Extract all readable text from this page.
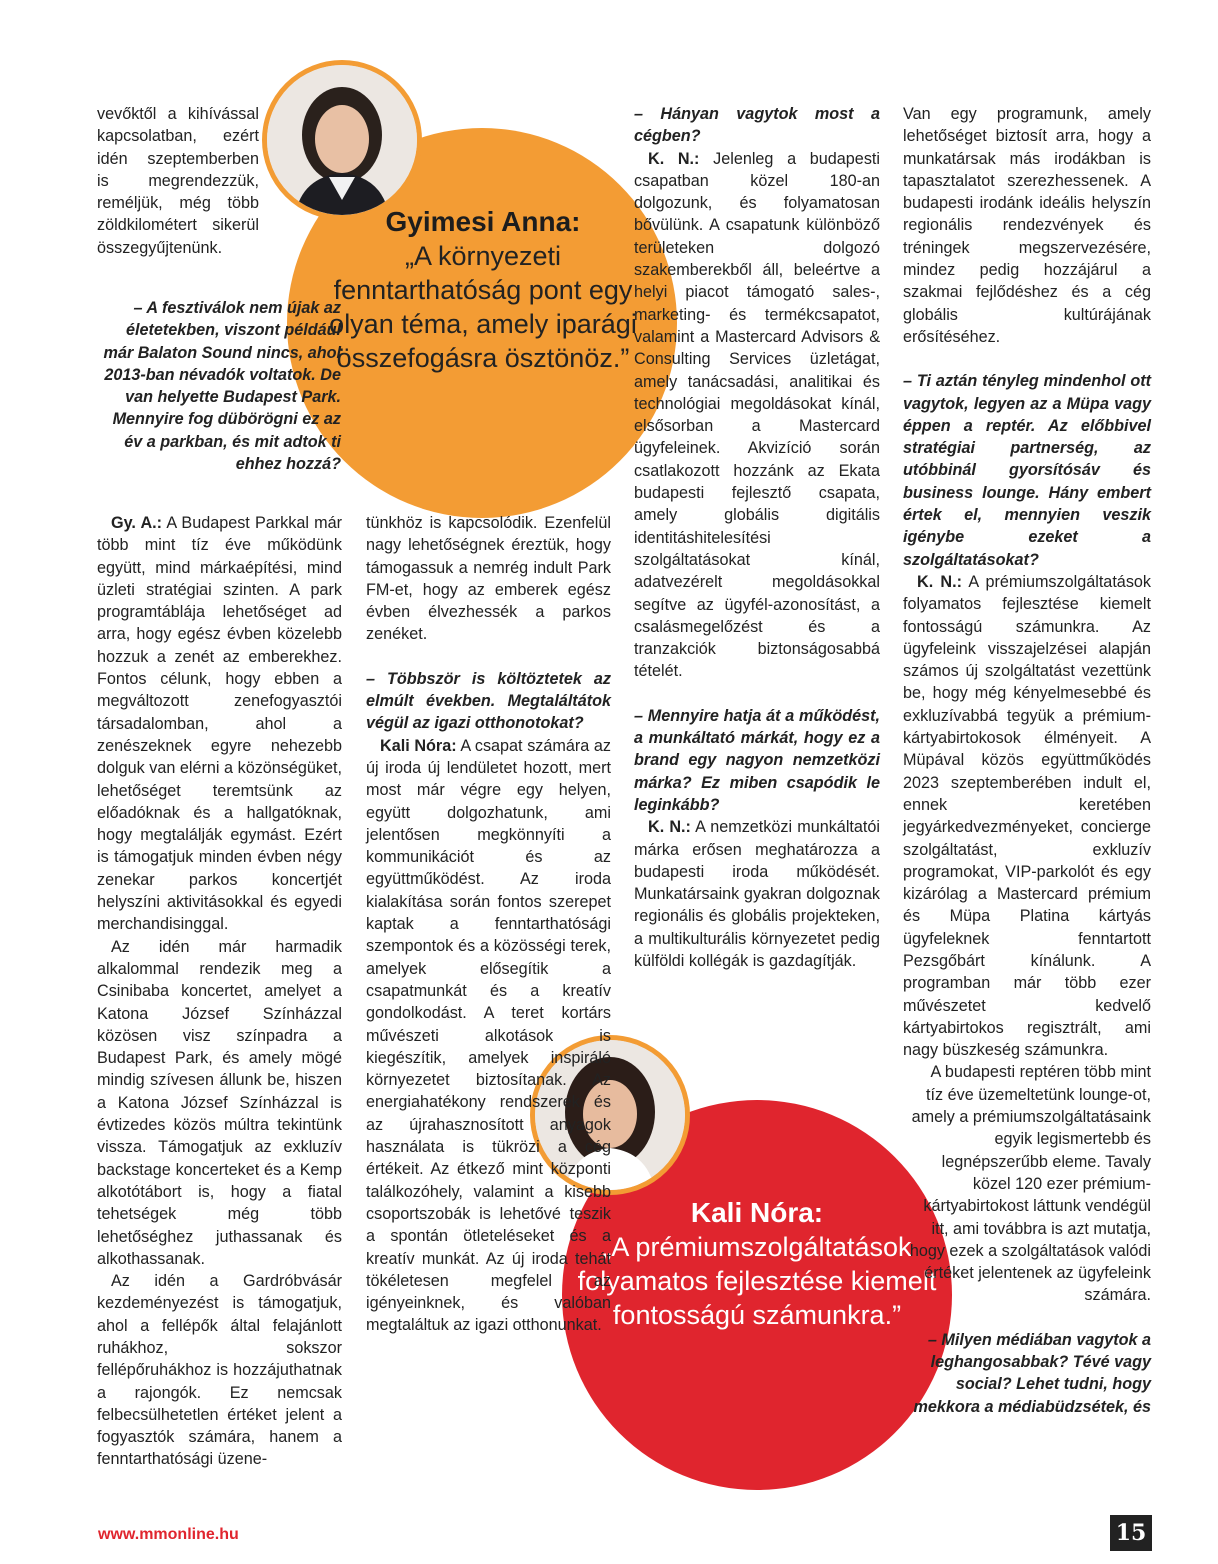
Gyimesi Anna:
„A környezeti fenntarthatóság pont egy olyan téma, amely iparági összefogásra ösztönöz.”
Kali Nóra:
„A prémiumszolgáltatások folyamatos fejlesztése kiemelt fontosságú számunkra.”

vevőktől a kihívással kapcsolatban, ezért idén szeptemberben is megrendezzük, reméljük, még több zöldkilométert sikerül összegyűjtenünk.

– A fesztiválok nem újak az életetekben, viszont például már Balaton Sound nincs, ahol 2013-ban névadók voltatok. De van helyette Budapest Park. Mennyire fog dübörögni ez az év a parkban, és mit adtok ti ehhez hozzá?

Gy. A.: A Budapest Parkkal már több mint tíz éve működünk együtt, mind márkaépítési, mind üzleti stratégiai szinten. A park programtáblája lehetőséget ad arra, hogy egész évben közelebb hozzuk a zenét az emberekhez. Fontos célunk, hogy ebben a megváltozott zenefogyasztói társadalomban, ahol a zenészeknek egyre nehezebb dolguk van elérni a közönségüket, lehetőséget teremtsünk az előadóknak és a hallgatóknak, hogy megtalálják egymást. Ezért is támogatjuk minden évben négy zenekar parkos koncertjét helyszíni aktivitásokkal és egyedi merchandisinggal.

Az idén már harmadik alkalommal rendezik meg a Csinibaba koncertet, amelyet a Katona József Színházzal közösen visz színpadra a Budapest Park, és amely mögé mindig szívesen állunk be, hiszen a Katona József Színházzal is évtizedes közös múltra tekintünk vissza. Támogatjuk az exkluzív backstage koncerteket és a Kemp alkotótábort is, hogy a fiatal tehetségek még több lehetőséghez juthassanak és alkothassanak.

Az idén a Gardróbvásár kezdeményezést is támogatjuk, ahol a fellépők által felajánlott ruhákhoz, sokszor fellépőruhákhoz is hozzájuthatnak a rajongók. Ez nemcsak felbecsülhetetlen értéket jelent a fogyasztók számára, hanem a fenntarthatósági üzene-

tünkhöz is kapcsolódik. Ezenfelül nagy lehetőségnek éreztük, hogy támogassuk a nemrég indult Park FM-et, hogy az emberek egész évben élvezhessék a parkos zenéket.

– Többször is költöztetek az elmúlt években. Megtaláltátok végül az igazi otthonotokat?

Kali Nóra: A csapat számára az új iroda új lendületet hozott, mert most már végre egy helyen, együtt dolgozhatunk, ami jelentősen megkönnyíti a kommunikációt és az együttműködést. Az iroda kialakítása során fontos szerepet kaptak a fenntarthatósági szempontok és a közösségi terek, amelyek elősegítik a csapatmunkát és a kreatív gondolkodást. A teret kortárs művészeti alkotások is kiegészítik, amelyek inspiráló környezetet biztosítanak. Az energiahatékony rendszerek és az újrahasznosított anyagok használata is tükrözi a cég értékeit. Az étkező mint központi találkozóhely, valamint a kisebb csoportszobák is lehetővé teszik a spontán ötleteléseket és a kreatív munkát. Az új iroda tehát tökéletesen megfelel az igényeinknek, és valóban megtaláltuk az igazi otthonunkat.

– Hányan vagytok most a cégben?

K. N.: Jelenleg a budapesti csapatban közel 180-an dolgozunk, és folyamatosan bővülünk. A csapatunk különböző területeken dolgozó szakemberekből áll, beleértve a helyi piacot támogató sales-, marketing- és termékcsapatot, valamint a Mastercard Advisors & Consulting Services üzletágat, amely tanácsadási, analitikai és technológiai megoldásokat kínál, elsősorban a Mastercard ügyfeleinek. Akvizíció során csatlakozott hozzánk az Ekata budapesti fejlesztő csapata, amely globális digitális identitáshitelesítési szolgáltatásokat kínál, adatvezérelt megoldásokkal segítve az ügyfél-azonosítást, a csalásmegelőzést és a tranzakciók biztonságosabbá tételét.

– Mennyire hatja át a működést, a munkáltató márkát, hogy ez a brand egy nagyon nemzetközi márka? Ez miben csapódik le leginkább?

K. N.: A nemzetközi munkáltatói márka erősen meghatározza a budapesti iroda működését. Munkatársaink gyakran dolgoznak regionális és globális projekteken, a multikulturális környezetet pedig külföldi kollégák is gazdagítják.

Van egy programunk, amely lehetőséget biztosít arra, hogy a munkatársak más irodákban is tapasztalatot szerezhessenek. A budapesti irodánk ideális helyszín regionális rendezvények és tréningek megszervezésére, mindez pedig hozzájárul a szakmai fejlődéshez és a cég globális kultúrájának erősítéséhez.

– Ti aztán tényleg mindenhol ott vagytok, legyen az a Müpa vagy éppen a reptér. Az előbbivel stratégiai partnerség, az utóbbinál gyorsítósáv és business lounge. Hány embert értek el, mennyien veszik igénybe ezeket a szolgáltatásokat?

K. N.: A prémiumszolgáltatások folyamatos fejlesztése kiemelt fontosságú számunkra. Az ügyfeleink visszajelzései alapján számos új szolgáltatást vezettünk be, hogy még kényelmesebbé és exkluzívabbá tegyük a prémium-kártyabirtokosok élményeit. A Müpával közös együttműködés 2023 szeptemberében indult el, ennek keretében jegyárkedvezményeket, concierge szolgáltatást, exkluzív programokat, VIP-parkolót és egy kizárólag a Mastercard prémium és Müpa Platina kártyás ügyfeleknek fenntartott Pezsgőbárt kínálunk. A programban már több ezer művészetet kedvelő kártyabirtokos regisztrált, ami nagy büszkeség számunkra.

A budapesti reptéren több mint tíz éve üzemeltetünk lounge-ot, amely a prémiumszolgáltatásaink egyik legismertebb és legnépszerűbb eleme. Tavaly közel 120 ezer prémium-kártyabirtokost láttunk vendégül itt, ami továbbra is azt mutatja, hogy ezek a szolgáltatások valódi értéket jelentenek az ügyfeleink számára.

– Milyen médiában vagytok a leghangosabbak? Tévé vagy social? Lehet tudni, hogy mekkora a médiabüdzsétek, és

www.mmonline.hu	15
